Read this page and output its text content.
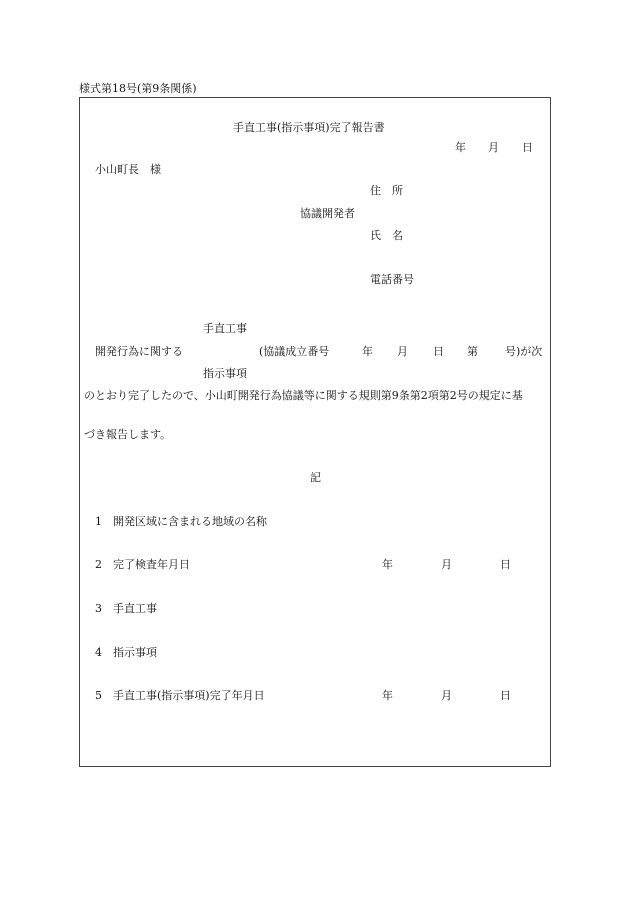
様式第18号(第9条関係)
手直工事(指示事項)完了報告書
年 月 日
小山町長　様
住　所
協議開発者
氏　名
電話番号
手直工事
開発行為に関する	(協議成立番号	年 月 日 第 号)が次
指示事項
のとおり完了したので、小山町開発行為協議等に関する規則第9条第2項第2号の規定に基
づき報告します。
記
1 開発区域に含まれる地域の名称
2 完了検査年月日	年	月	日
3 手直工事
4 指示事項
5 手直工事(指示事項)完了年月日	年	月	日
